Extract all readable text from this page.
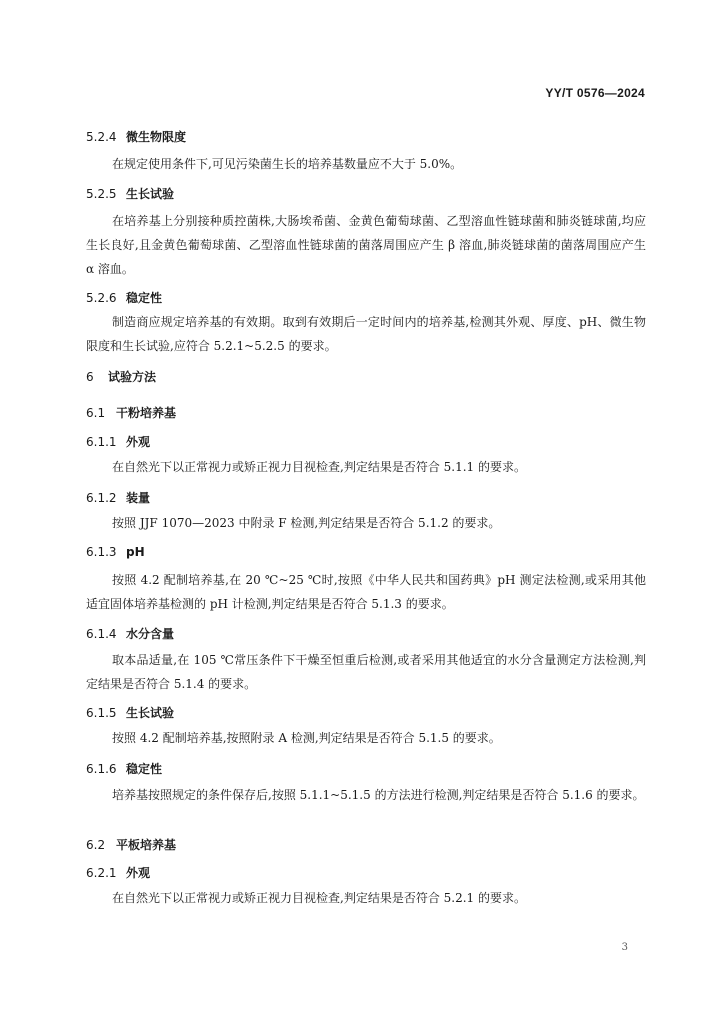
YY/T 0576—2024
5.2.4 微生物限度
在规定使用条件下,可见污染菌生长的培养基数量应不大于 5.0%。
5.2.5 生长试验
在培养基上分别接种质控菌株,大肠埃希菌、金黄色葡萄球菌、乙型溶血性链球菌和肺炎链球菌,均应生长良好,且金黄色葡萄球菌、乙型溶血性链球菌的菌落周围应产生 β 溶血,肺炎链球菌的菌落周围应产生 α 溶血。
5.2.6 稳定性
制造商应规定培养基的有效期。取到有效期后一定时间内的培养基,检测其外观、厚度、pH、微生物限度和生长试验,应符合 5.2.1~5.2.5 的要求。
6 试验方法
6.1 干粉培养基
6.1.1 外观
在自然光下以正常视力或矫正视力目视检查,判定结果是否符合 5.1.1 的要求。
6.1.2 装量
按照 JJF 1070—2023 中附录 F 检测,判定结果是否符合 5.1.2 的要求。
6.1.3 pH
按照 4.2 配制培养基,在 20 ℃~25 ℃时,按照《中华人民共和国药典》pH 测定法检测,或采用其他适宜固体培养基检测的 pH 计检测,判定结果是否符合 5.1.3 的要求。
6.1.4 水分含量
取本品适量,在 105 ℃常压条件下干燥至恒重后检测,或者采用其他适宜的水分含量测定方法检测,判定结果是否符合 5.1.4 的要求。
6.1.5 生长试验
按照 4.2 配制培养基,按照附录 A 检测,判定结果是否符合 5.1.5 的要求。
6.1.6 稳定性
培养基按照规定的条件保存后,按照 5.1.1~5.1.5 的方法进行检测,判定结果是否符合 5.1.6 的要求。
6.2 平板培养基
6.2.1 外观
在自然光下以正常视力或矫正视力目视检查,判定结果是否符合 5.2.1 的要求。
3
